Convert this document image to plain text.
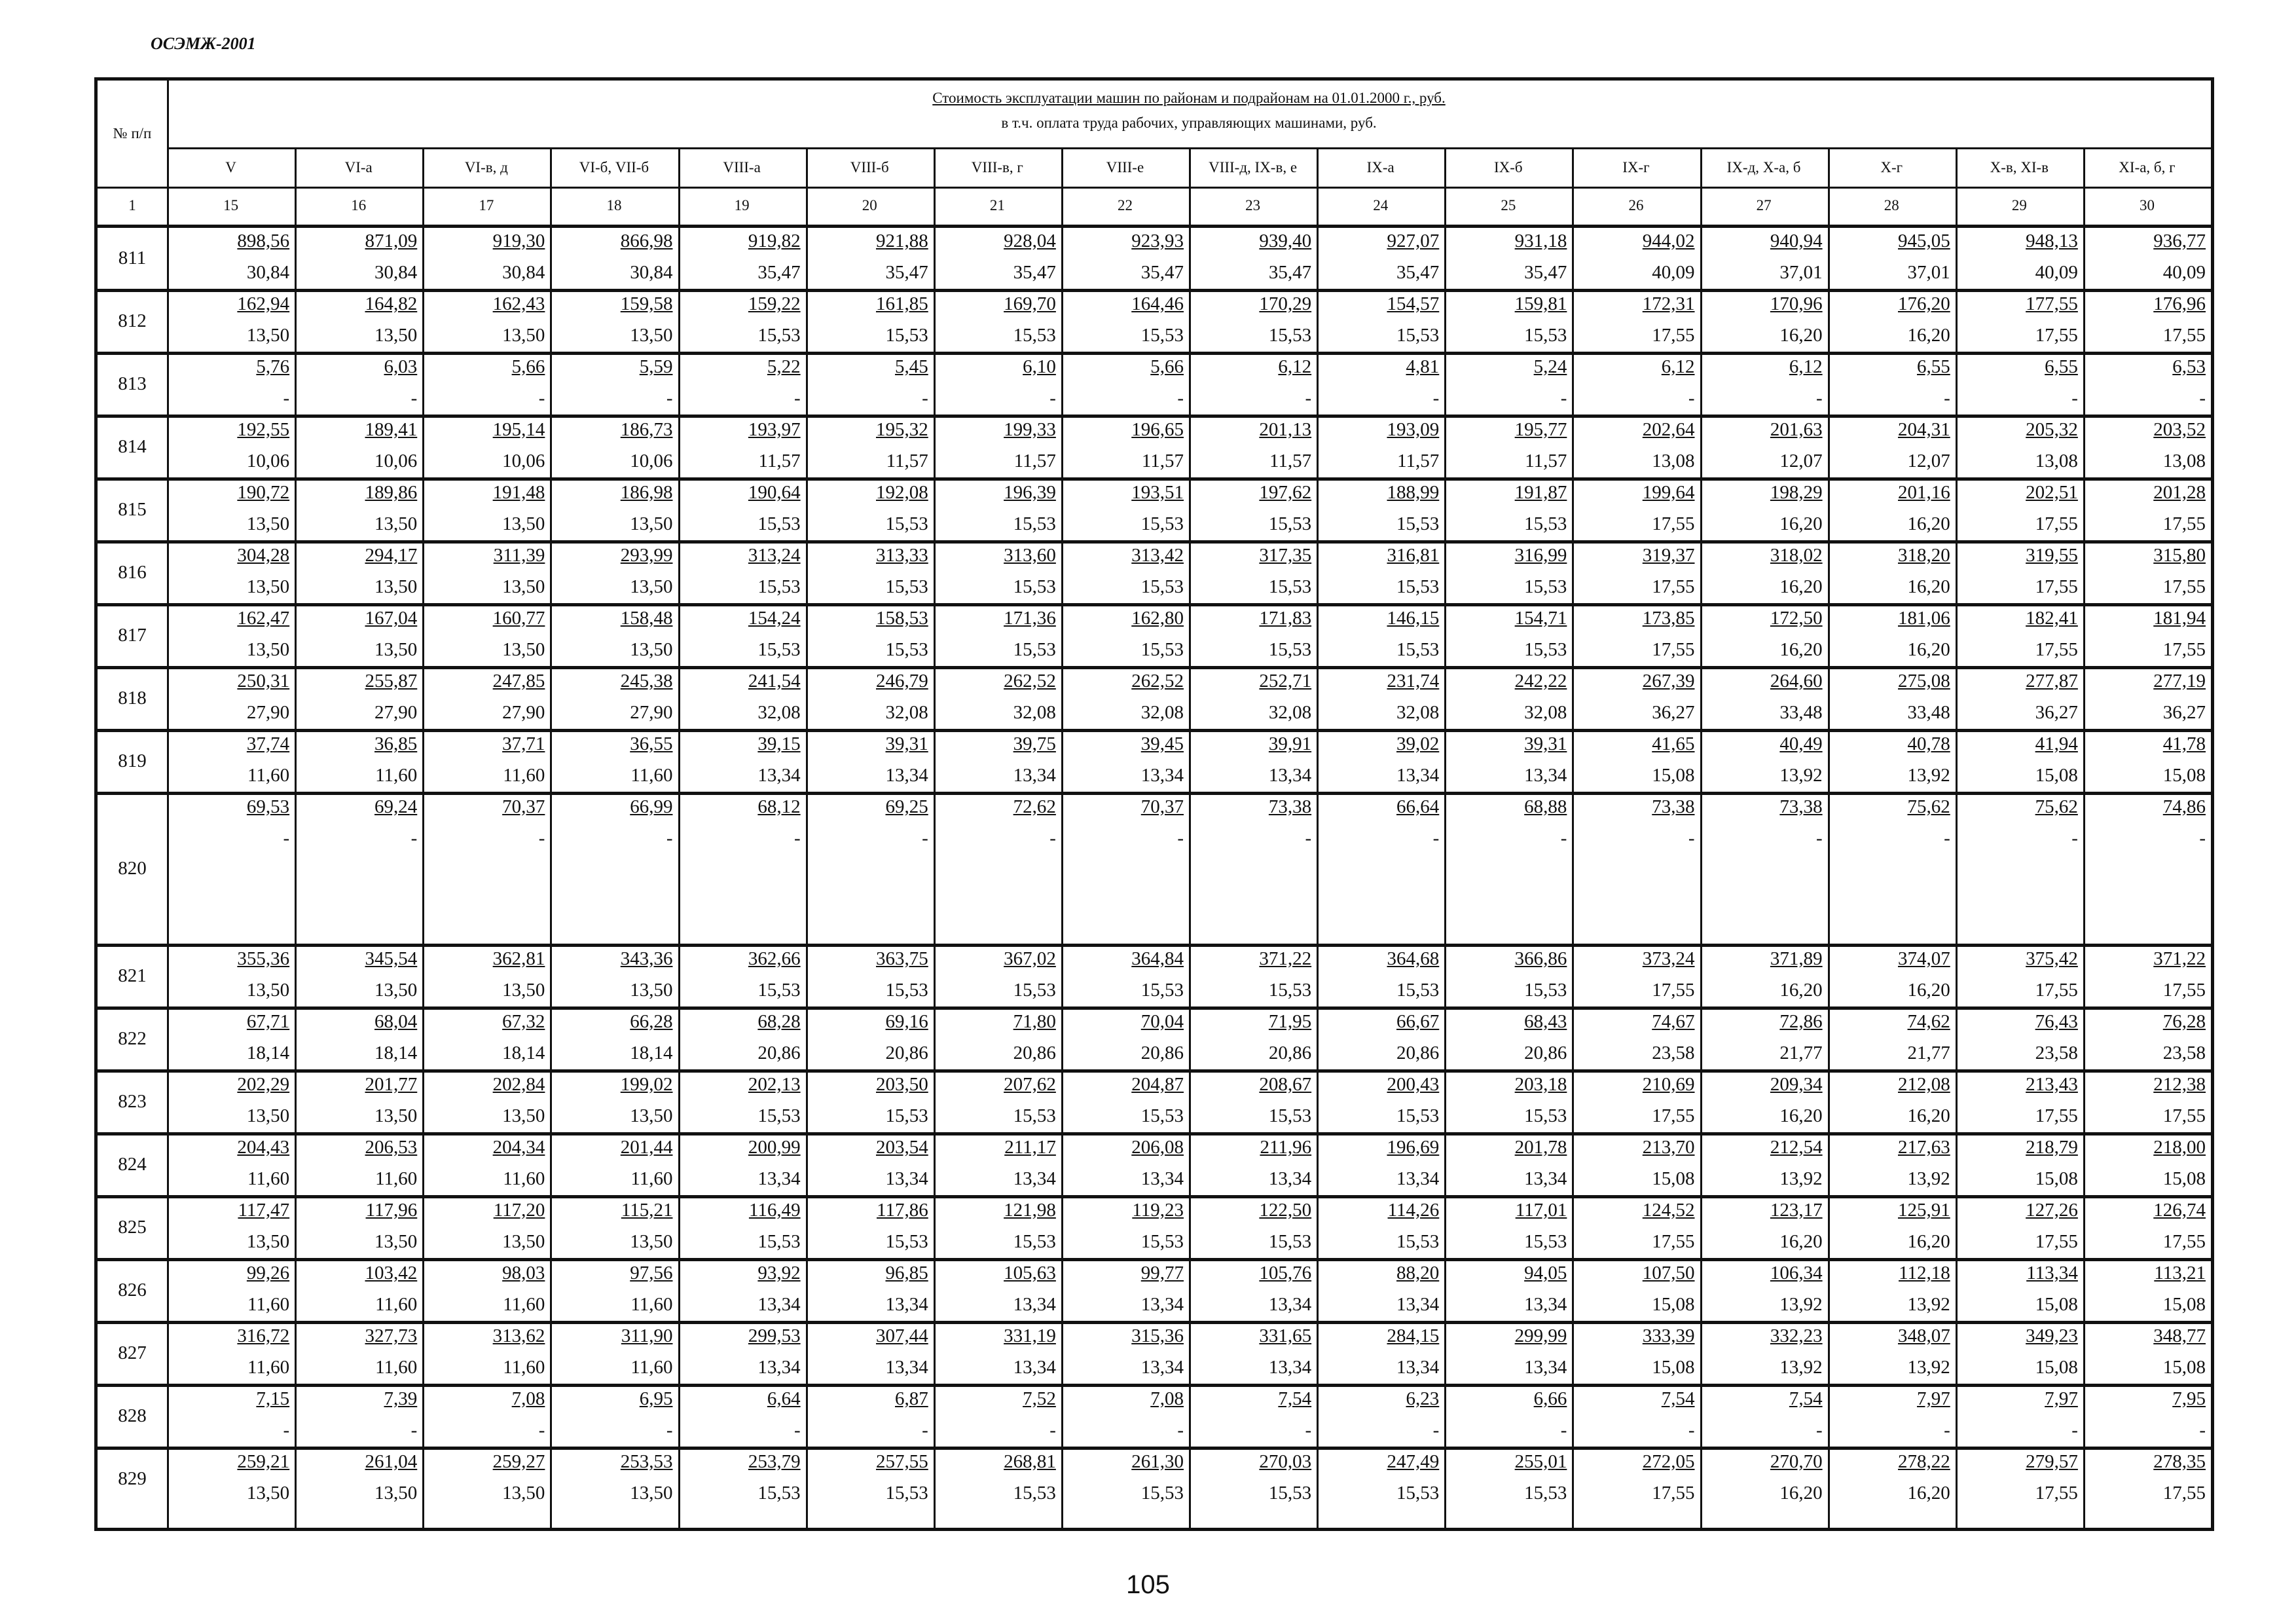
ОСЭМЖ-2001
№ п/п
Стоимость эксплуатации машин по районам и подрайонам на 01.01.2000 г., руб.
в т.ч. оплата труда рабочих, управляющих машинами, руб.
1
V
15
VI-а
16
VI-в, д
17
VI-б, VII-б
18
VIII-а
19
VIII-б
20
VIII-в, г
21
VIII-е
22
VIII-д, IX-в, е
23
IX-а
24
IX-б
25
IX-г
26
IX-д, X-а, б
27
X-г
28
X-в, XI-в
29
XI-а, б, г
30
811
898,56
30,84
871,09
30,84
919,30
30,84
866,98
30,84
919,82
35,47
921,88
35,47
928,04
35,47
923,93
35,47
939,40
35,47
927,07
35,47
931,18
35,47
944,02
40,09
940,94
37,01
945,05
37,01
948,13
40,09
936,77
40,09
812
162,94
13,50
164,82
13,50
162,43
13,50
159,58
13,50
159,22
15,53
161,85
15,53
169,70
15,53
164,46
15,53
170,29
15,53
154,57
15,53
159,81
15,53
172,31
17,55
170,96
16,20
176,20
16,20
177,55
17,55
176,96
17,55
813
5,76
-
6,03
-
5,66
-
5,59
-
5,22
-
5,45
-
6,10
-
5,66
-
6,12
-
4,81
-
5,24
-
6,12
-
6,12
-
6,55
-
6,55
-
6,53
-
814
192,55
10,06
189,41
10,06
195,14
10,06
186,73
10,06
193,97
11,57
195,32
11,57
199,33
11,57
196,65
11,57
201,13
11,57
193,09
11,57
195,77
11,57
202,64
13,08
201,63
12,07
204,31
12,07
205,32
13,08
203,52
13,08
815
190,72
13,50
189,86
13,50
191,48
13,50
186,98
13,50
190,64
15,53
192,08
15,53
196,39
15,53
193,51
15,53
197,62
15,53
188,99
15,53
191,87
15,53
199,64
17,55
198,29
16,20
201,16
16,20
202,51
17,55
201,28
17,55
816
304,28
13,50
294,17
13,50
311,39
13,50
293,99
13,50
313,24
15,53
313,33
15,53
313,60
15,53
313,42
15,53
317,35
15,53
316,81
15,53
316,99
15,53
319,37
17,55
318,02
16,20
318,20
16,20
319,55
17,55
315,80
17,55
817
162,47
13,50
167,04
13,50
160,77
13,50
158,48
13,50
154,24
15,53
158,53
15,53
171,36
15,53
162,80
15,53
171,83
15,53
146,15
15,53
154,71
15,53
173,85
17,55
172,50
16,20
181,06
16,20
182,41
17,55
181,94
17,55
818
250,31
27,90
255,87
27,90
247,85
27,90
245,38
27,90
241,54
32,08
246,79
32,08
262,52
32,08
262,52
32,08
252,71
32,08
231,74
32,08
242,22
32,08
267,39
36,27
264,60
33,48
275,08
33,48
277,87
36,27
277,19
36,27
819
37,74
11,60
36,85
11,60
37,71
11,60
36,55
11,60
39,15
13,34
39,31
13,34
39,75
13,34
39,45
13,34
39,91
13,34
39,02
13,34
39,31
13,34
41,65
15,08
40,49
13,92
40,78
13,92
41,94
15,08
41,78
15,08
820
69,53
-
69,24
-
70,37
-
66,99
-
68,12
-
69,25
-
72,62
-
70,37
-
73,38
-
66,64
-
68,88
-
73,38
-
73,38
-
75,62
-
75,62
-
74,86
-
821
355,36
13,50
345,54
13,50
362,81
13,50
343,36
13,50
362,66
15,53
363,75
15,53
367,02
15,53
364,84
15,53
371,22
15,53
364,68
15,53
366,86
15,53
373,24
17,55
371,89
16,20
374,07
16,20
375,42
17,55
371,22
17,55
822
67,71
18,14
68,04
18,14
67,32
18,14
66,28
18,14
68,28
20,86
69,16
20,86
71,80
20,86
70,04
20,86
71,95
20,86
66,67
20,86
68,43
20,86
74,67
23,58
72,86
21,77
74,62
21,77
76,43
23,58
76,28
23,58
823
202,29
13,50
201,77
13,50
202,84
13,50
199,02
13,50
202,13
15,53
203,50
15,53
207,62
15,53
204,87
15,53
208,67
15,53
200,43
15,53
203,18
15,53
210,69
17,55
209,34
16,20
212,08
16,20
213,43
17,55
212,38
17,55
824
204,43
11,60
206,53
11,60
204,34
11,60
201,44
11,60
200,99
13,34
203,54
13,34
211,17
13,34
206,08
13,34
211,96
13,34
196,69
13,34
201,78
13,34
213,70
15,08
212,54
13,92
217,63
13,92
218,79
15,08
218,00
15,08
825
117,47
13,50
117,96
13,50
117,20
13,50
115,21
13,50
116,49
15,53
117,86
15,53
121,98
15,53
119,23
15,53
122,50
15,53
114,26
15,53
117,01
15,53
124,52
17,55
123,17
16,20
125,91
16,20
127,26
17,55
126,74
17,55
826
99,26
11,60
103,42
11,60
98,03
11,60
97,56
11,60
93,92
13,34
96,85
13,34
105,63
13,34
99,77
13,34
105,76
13,34
88,20
13,34
94,05
13,34
107,50
15,08
106,34
13,92
112,18
13,92
113,34
15,08
113,21
15,08
827
316,72
11,60
327,73
11,60
313,62
11,60
311,90
11,60
299,53
13,34
307,44
13,34
331,19
13,34
315,36
13,34
331,65
13,34
284,15
13,34
299,99
13,34
333,39
15,08
332,23
13,92
348,07
13,92
349,23
15,08
348,77
15,08
828
7,15
-
7,39
-
7,08
-
6,95
-
6,64
-
6,87
-
7,52
-
7,08
-
7,54
-
6,23
-
6,66
-
7,54
-
7,54
-
7,97
-
7,97
-
7,95
-
829
259,21
13,50
261,04
13,50
259,27
13,50
253,53
13,50
253,79
15,53
257,55
15,53
268,81
15,53
261,30
15,53
270,03
15,53
247,49
15,53
255,01
15,53
272,05
17,55
270,70
16,20
278,22
16,20
279,57
17,55
278,35
17,55
105
